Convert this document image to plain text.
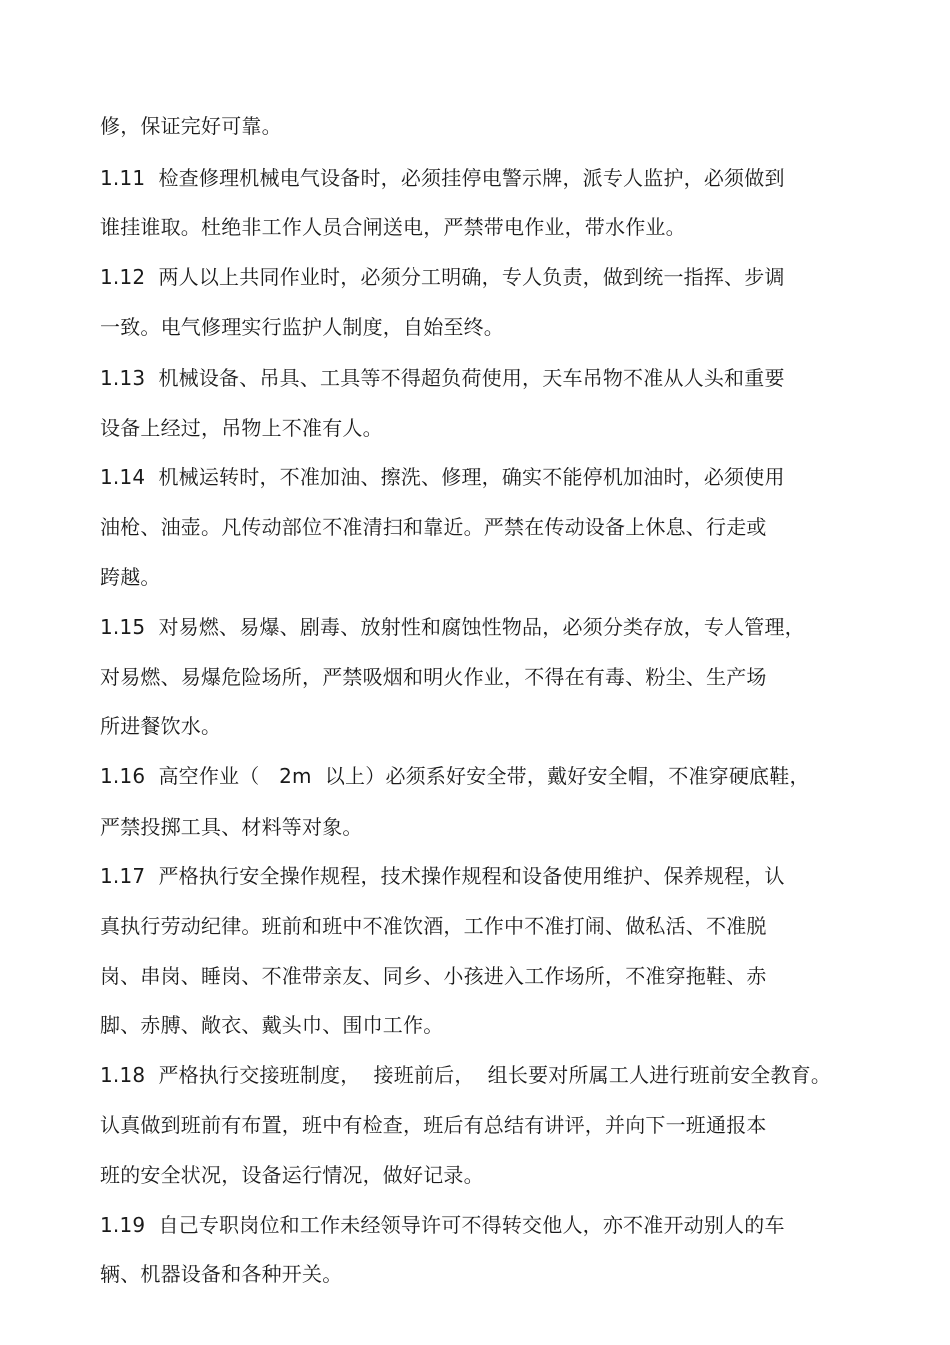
修，保证完好可靠。
1.11  检查修理机械电气设备时，必须挂停电警示牌，派专人监护，必须做到
谁挂谁取。杜绝非工作人员合闸送电，严禁带电作业，带水作业。
1.12  两人以上共同作业时，必须分工明确，专人负责，做到统一指挥、步调
一致。电气修理实行监护人制度，自始至终。
1.13  机械设备、吊具、工具等不得超负荷使用，天车吊物不准从人头和重要
设备上经过，吊物上不准有人。
1.14  机械运转时，不准加油、擦洗、修理，确实不能停机加油时，必须使用
油枪、油壶。凡传动部位不准清扫和靠近。严禁在传动设备上休息、行走或
跨越。
1.15  对易燃、易爆、剧毒、放射性和腐蚀性物品，必须分类存放，专人管理，
对易燃、易爆危险场所，严禁吸烟和明火作业，不得在有毒、粉尘、生产场
所进餐饮水。
1.16  高空作业（   2m  以上）必须系好安全带，戴好安全帽，不准穿硬底鞋，
严禁投掷工具、材料等对象。
1.17  严格执行安全操作规程，技术操作规程和设备使用维护、保养规程，认
真执行劳动纪律。班前和班中不准饮酒，工作中不准打闹、做私活、不准脱
岗、串岗、睡岗、不准带亲友、同乡、小孩进入工作场所，不准穿拖鞋、赤
脚、赤膊、敞衣、戴头巾、围巾工作。
1.18  严格执行交接班制度，  接班前后，  组长要对所属工人进行班前安全教育。
认真做到班前有布置，班中有检查，班后有总结有讲评，并向下一班通报本
班的安全状况，设备运行情况，做好记录。
1.19  自己专职岗位和工作未经领导许可不得转交他人，亦不准开动别人的车
辆、机器设备和各种开关。
